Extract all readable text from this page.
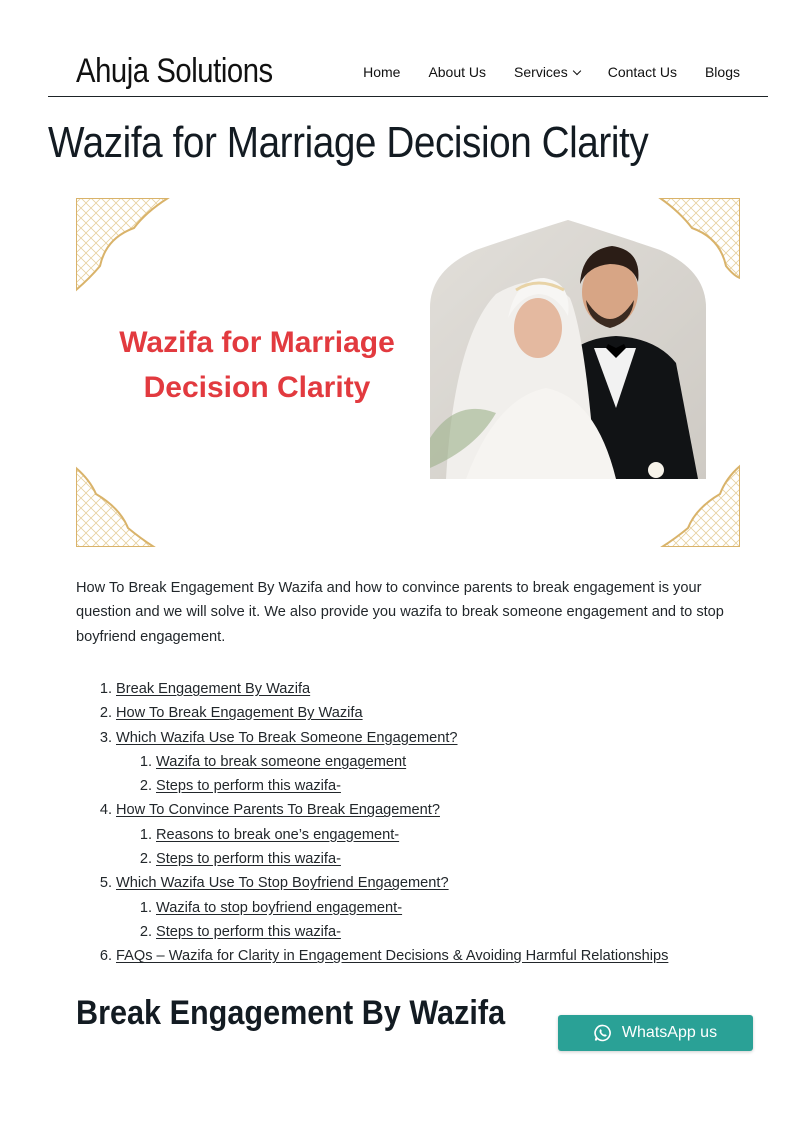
Ahuja Solutions	Home About Us Services	Contact Us Blogs
Wazifa for Marriage Decision Clarity
Wazifa for Marriage
Decision Clarity

How To Break Engagement By Wazifa and how to convince parents to break engagement is your question and we will solve it. We also provide you wazifa to break someone engagement and to stop boyfriend engagement.

1. Break Engagement By Wazifa
2. How To Break Engagement By Wazifa
3. Which Wazifa Use To Break Someone Engagement?
1. Wazifa to break someone engagement
2. Steps to perform this wazifa-
4. How To Convince Parents To Break Engagement?
1. Reasons to break one’s engagement-
2. Steps to perform this wazifa-
5. Which Wazifa Use To Stop Boyfriend Engagement?
1. Wazifa to stop boyfriend engagement-
2. Steps to perform this wazifa-
6. FAQs – Wazifa for Clarity in Engagement Decisions & Avoiding Harmful Relationships
Break Engagement By Wazifa
WhatsApp us
